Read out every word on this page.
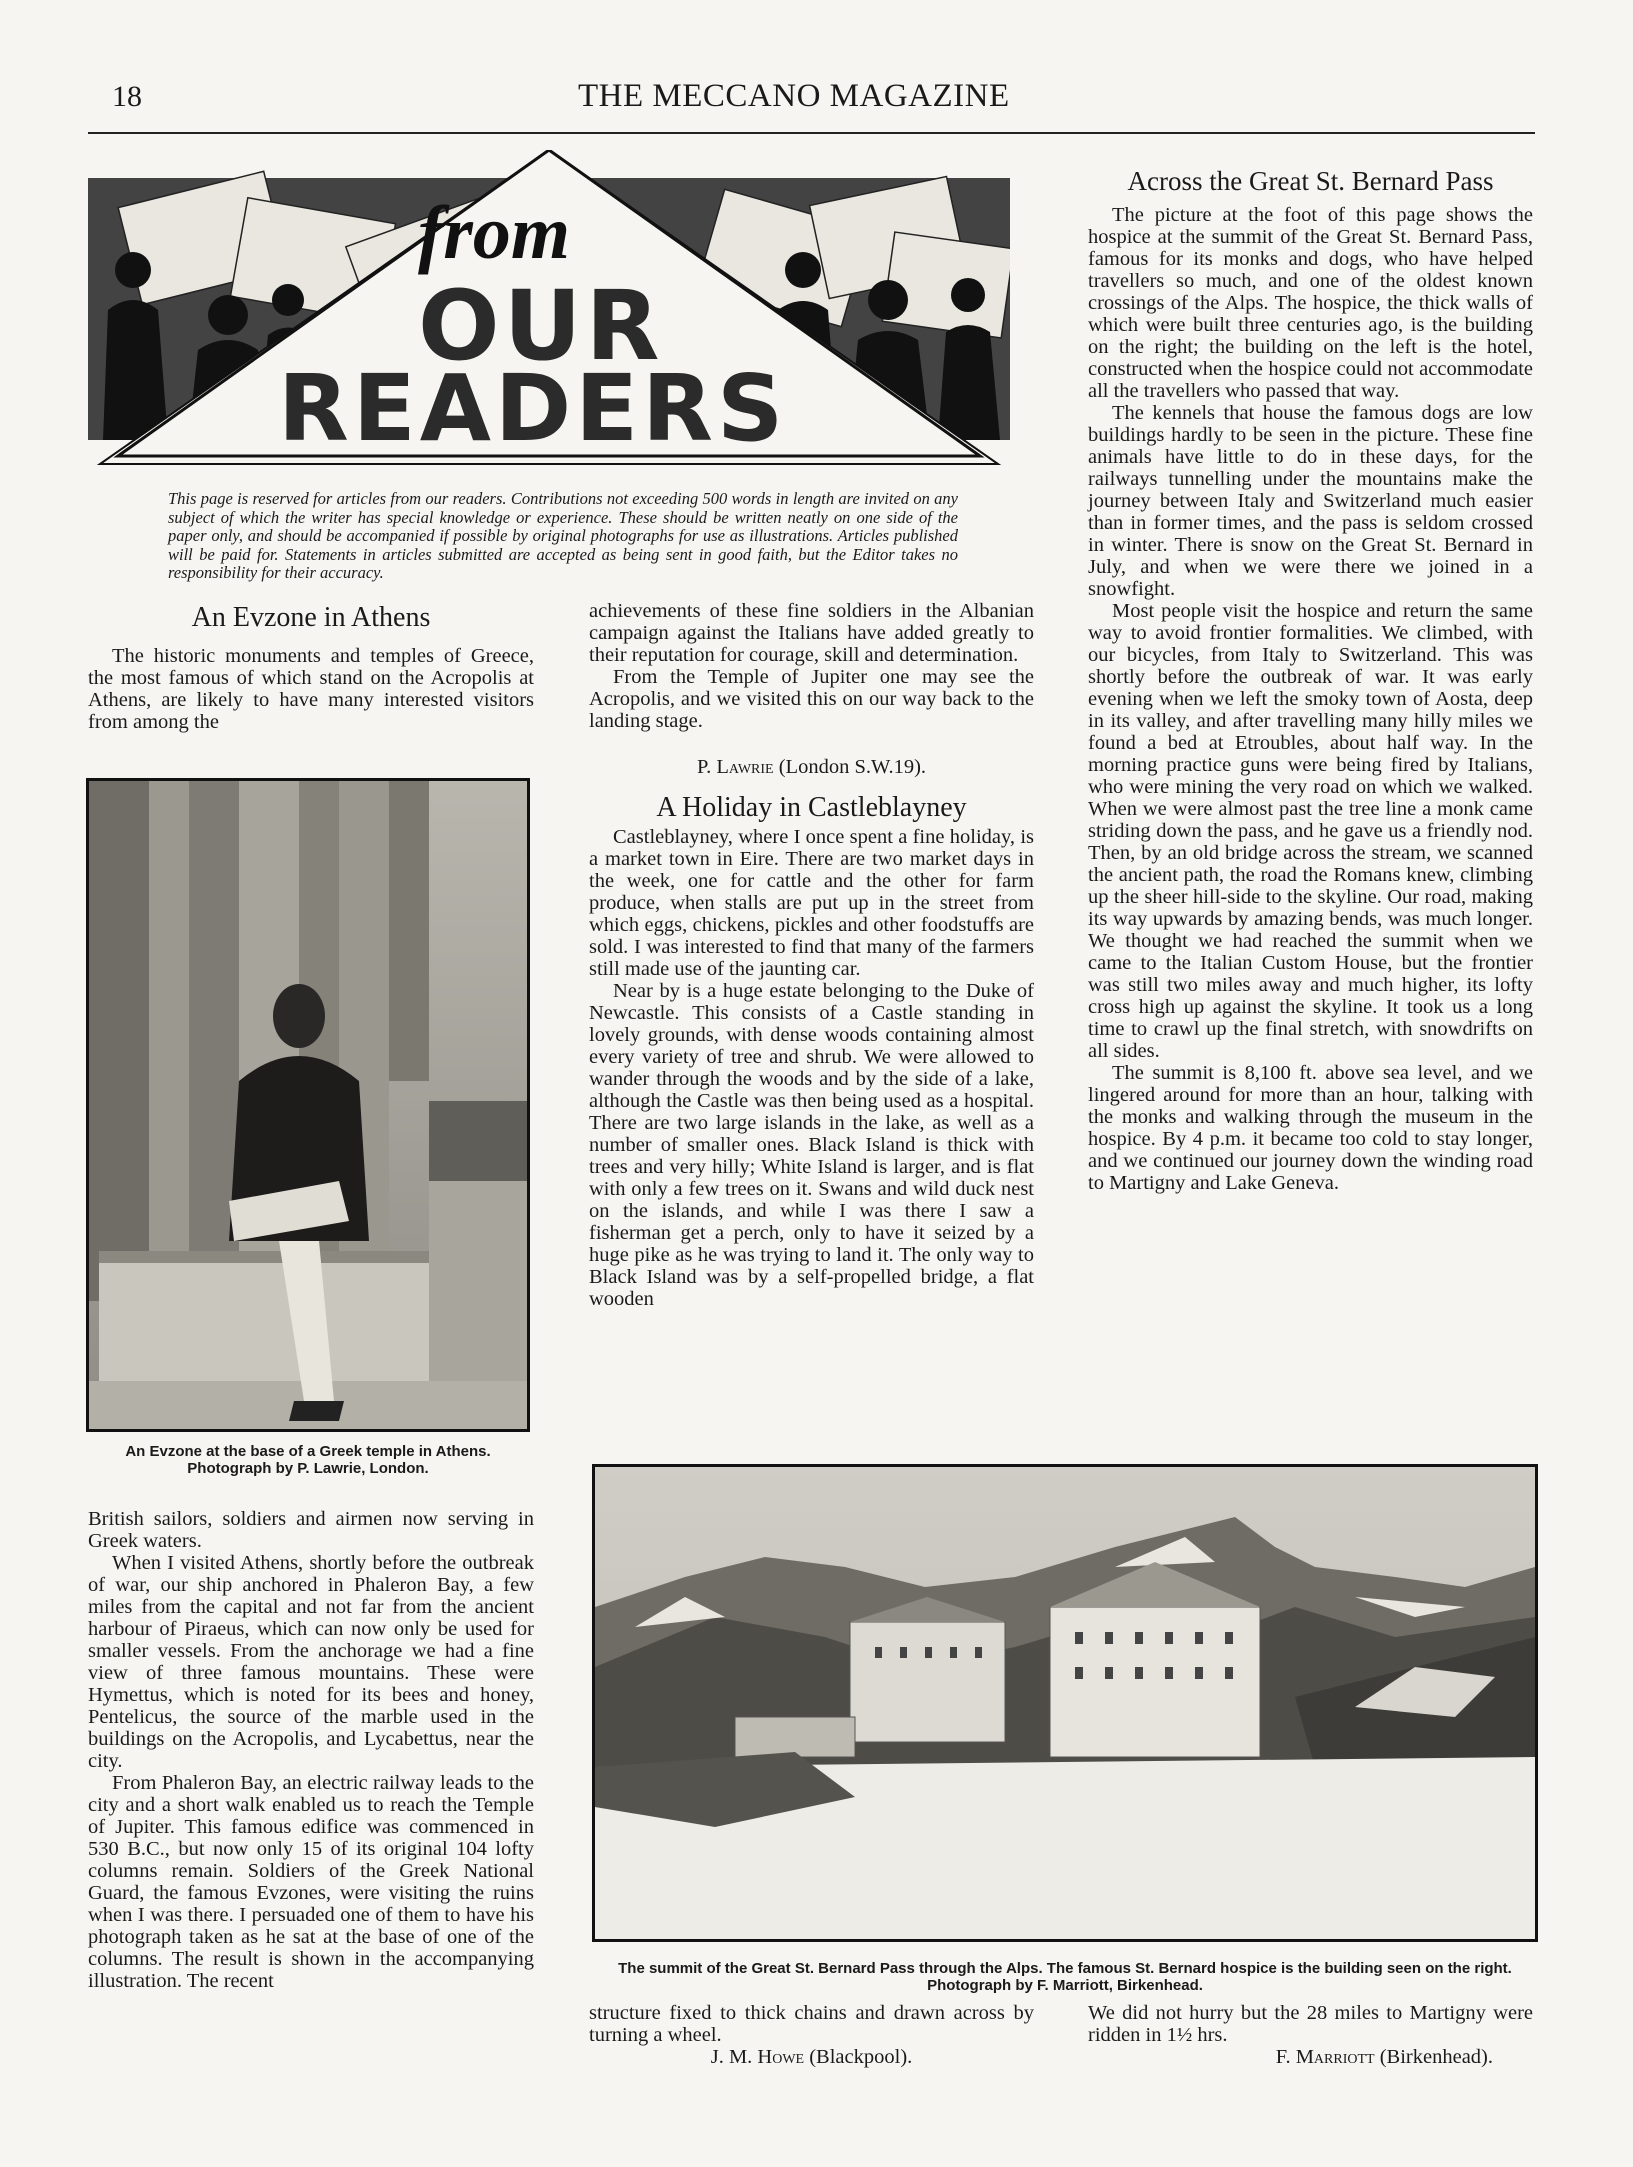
18	THE MECCANO MAGAZINE
from
OUR
READERS
This page is reserved for articles from our readers. Contributions not exceeding 500 words in length are invited on any subject of which the writer has special knowledge or experience. These should be written neatly on one side of the paper only, and should be accompanied if possible by original photographs for use as illustrations. Articles published will be paid for. Statements in articles submitted are accepted as being sent in good faith, but the Editor takes no responsibility for their accuracy.
An Evzone in Athens

The historic monuments and temples of Greece, the most famous of which stand on the Acropolis at Athens, are likely to have many interested visitors from among the

An Evzone at the base of a Greek temple in Athens. Photograph by P. Lawrie, London.

British sailors, soldiers and airmen now serving in Greek waters.

When I visited Athens, shortly before the outbreak of war, our ship anchored in Phaleron Bay, a few miles from the capital and not far from the ancient harbour of Piraeus, which can now only be used for smaller vessels. From the anchorage we had a fine view of three famous mountains. These were Hymettus, which is noted for its bees and honey, Pentelicus, the source of the marble used in the buildings on the Acropolis, and Lycabettus, near the city.

From Phaleron Bay, an electric railway leads to the city and a short walk enabled us to reach the Temple of Jupiter. This famous edifice was commenced in 530 B.C., but now only 15 of its original 104 lofty columns remain. Soldiers of the Greek National Guard, the famous Evzones, were visiting the ruins when I was there. I persuaded one of them to have his photograph taken as he sat at the base of one of the columns. The result is shown in the accompanying illustration. The recent

achievements of these fine soldiers in the Albanian campaign against the Italians have added greatly to their reputation for courage, skill and determination.

From the Temple of Jupiter one may see the Acropolis, and we visited this on our way back to the landing stage.

P. Lawrie (London S.W.19).
A Holiday in Castleblayney

Castleblayney, where I once spent a fine holiday, is a market town in Eire. There are two market days in the week, one for cattle and the other for farm produce, when stalls are put up in the street from which eggs, chickens, pickles and other foodstuffs are sold. I was interested to find that many of the farmers still made use of the jaunting car.

Near by is a huge estate belonging to the Duke of Newcastle. This consists of a Castle standing in lovely grounds, with dense woods containing almost every variety of tree and shrub. We were allowed to wander through the woods and by the side of a lake, although the Castle was then being used as a hospital. There are two large islands in the lake, as well as a number of smaller ones. Black Island is thick with trees and very hilly; White Island is larger, and is flat with only a few trees on it. Swans and wild duck nest on the islands, and while I was there I saw a fisherman get a perch, only to have it seized by a huge pike as he was trying to land it. The only way to Black Island was by a self-propelled bridge, a flat wooden

Across the Great St. Bernard Pass

The picture at the foot of this page shows the hospice at the summit of the Great St. Bernard Pass, famous for its monks and dogs, who have helped travellers so much, and one of the oldest known crossings of the Alps. The hospice, the thick walls of which were built three centuries ago, is the building on the right; the building on the left is the hotel, constructed when the hospice could not accommodate all the travellers who passed that way.

The kennels that house the famous dogs are low buildings hardly to be seen in the picture. These fine animals have little to do in these days, for the railways tunnelling under the mountains make the journey between Italy and Switzerland much easier than in former times, and the pass is seldom crossed in winter. There is snow on the Great St. Bernard in July, and when we were there we joined in a snowfight.

Most people visit the hospice and return the same way to avoid frontier formalities. We climbed, with our bicycles, from Italy to Switzerland. This was shortly before the outbreak of war. It was early evening when we left the smoky town of Aosta, deep in its valley, and after travelling many hilly miles we found a bed at Etroubles, about half way. In the morning practice guns were being fired by Italians, who were mining the very road on which we walked. When we were almost past the tree line a monk came striding down the pass, and he gave us a friendly nod. Then, by an old bridge across the stream, we scanned the ancient path, the road the Romans knew, climbing up the sheer hill-side to the skyline. Our road, making its way upwards by amazing bends, was much longer. We thought we had reached the summit when we came to the Italian Custom House, but the frontier was still two miles away and much higher, its lofty cross high up against the skyline. It took us a long time to crawl up the final stretch, with snowdrifts on all sides.

The summit is 8,100 ft. above sea level, and we lingered around for more than an hour, talking with the monks and walking through the museum in the hospice. By 4 p.m. it became too cold to stay longer, and we continued our journey down the winding road to Martigny and Lake Geneva.

The summit of the Great St. Bernard Pass through the Alps. The famous St. Bernard hospice is the building seen on the right. Photograph by F. Marriott, Birkenhead.

structure fixed to thick chains and drawn across by turning a wheel.

J. M. Howe (Blackpool).

We did not hurry but the 28 miles to Martigny were ridden in 1½ hrs.

F. Marriott (Birkenhead).
